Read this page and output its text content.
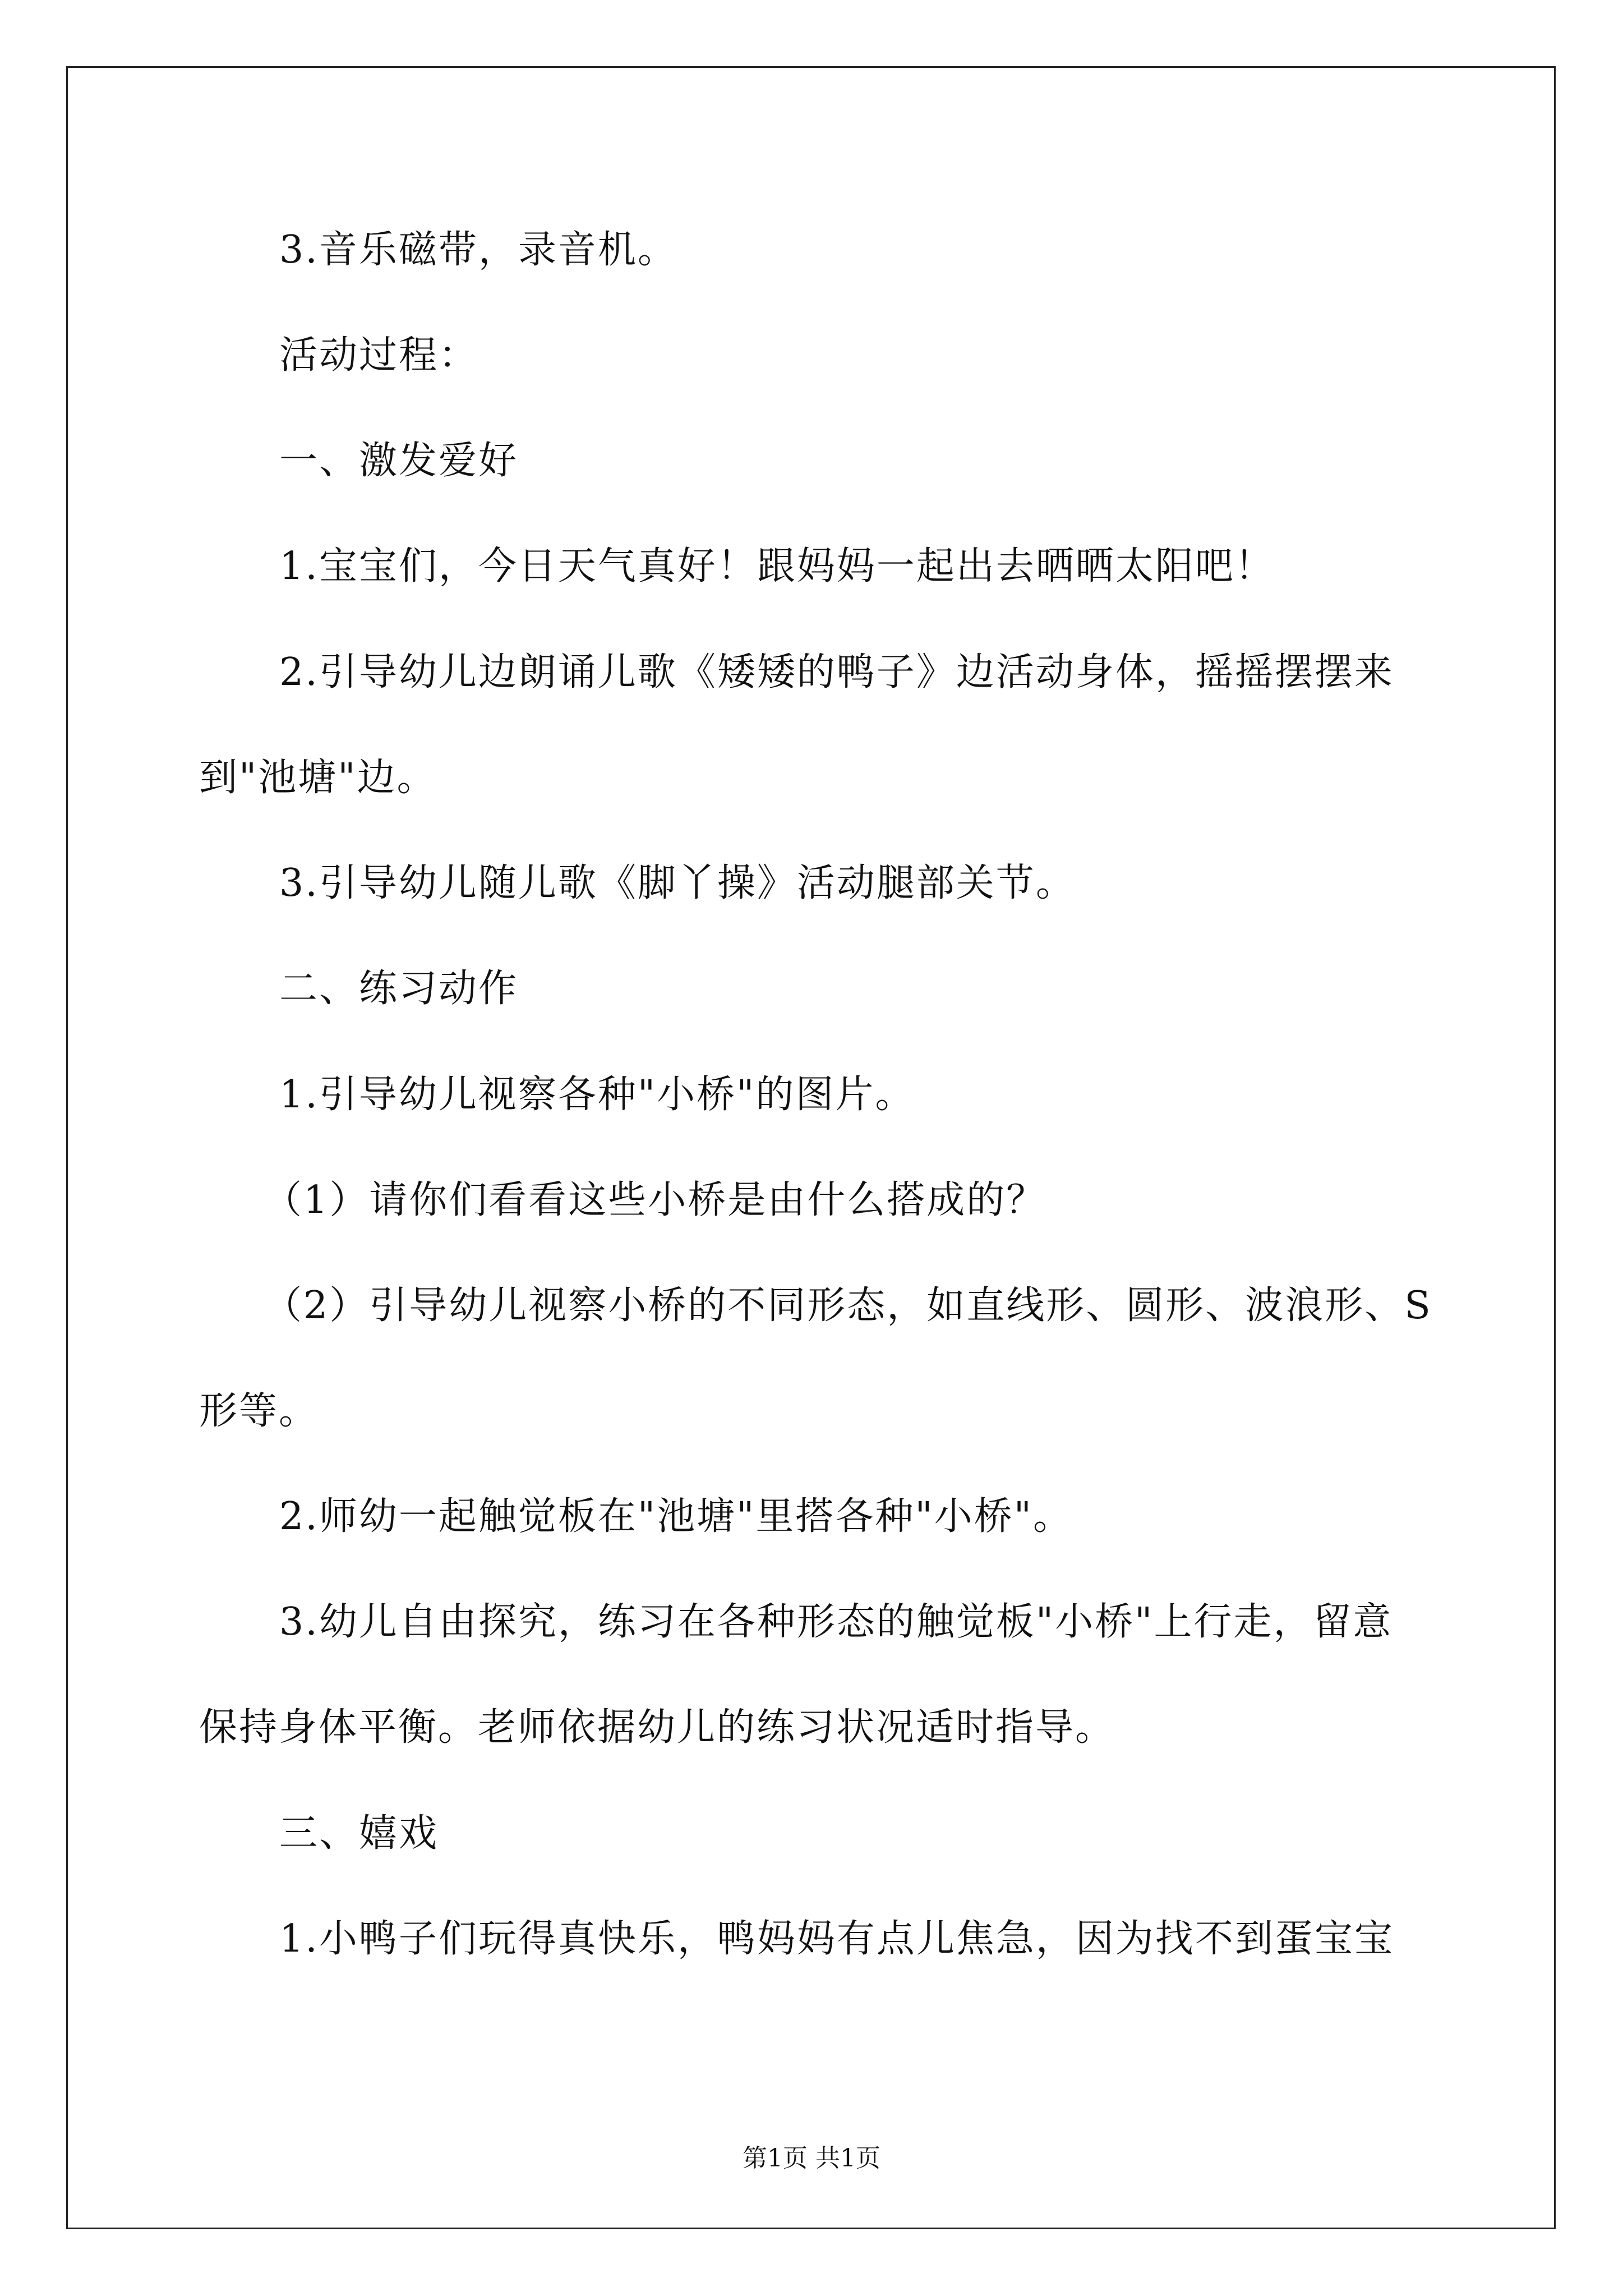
3.音乐磁带，录音机。

活动过程：

一、激发爱好

1.宝宝们，今日天气真好！跟妈妈一起出去晒晒太阳吧！

2.引导幼儿边朗诵儿歌《矮矮的鸭子》边活动身体，摇摇摆摆来

到"池塘"边。

3.引导幼儿随儿歌《脚丫操》活动腿部关节。

二、练习动作

1.引导幼儿视察各种"小桥"的图片。

（1）请你们看看这些小桥是由什么搭成的？

（2）引导幼儿视察小桥的不同形态，如直线形、圆形、波浪形、S

形等。

2.师幼一起触觉板在"池塘"里搭各种"小桥"。

3.幼儿自由探究，练习在各种形态的触觉板"小桥"上行走，留意

保持身体平衡。老师依据幼儿的练习状况适时指导。

三、嬉戏

1.小鸭子们玩得真快乐，鸭妈妈有点儿焦急，因为找不到蛋宝宝

第1页 共1页
